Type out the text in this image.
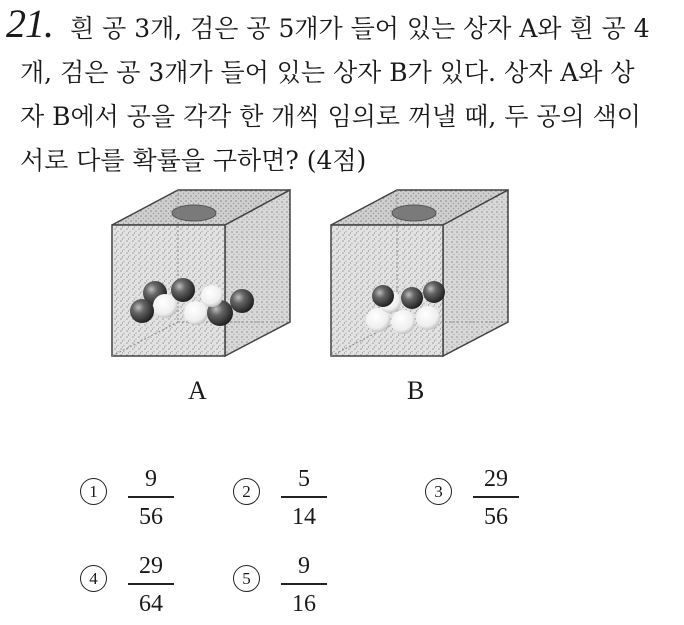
21. 흰 공 3개, 검은 공 5개가 들어 있는 상자 A와 흰 공 4
개, 검은 공 3개가 들어 있는 상자 B가 있다. 상자 A와 상
자 B에서 공을 각각 한 개씩 임의로 꺼낼 때, 두 공의 색이
서로 다를 확률을 구하면? (4점)
A	B
1	9
56
2	5
14
3	29
56
4	29
64
5	9
16
